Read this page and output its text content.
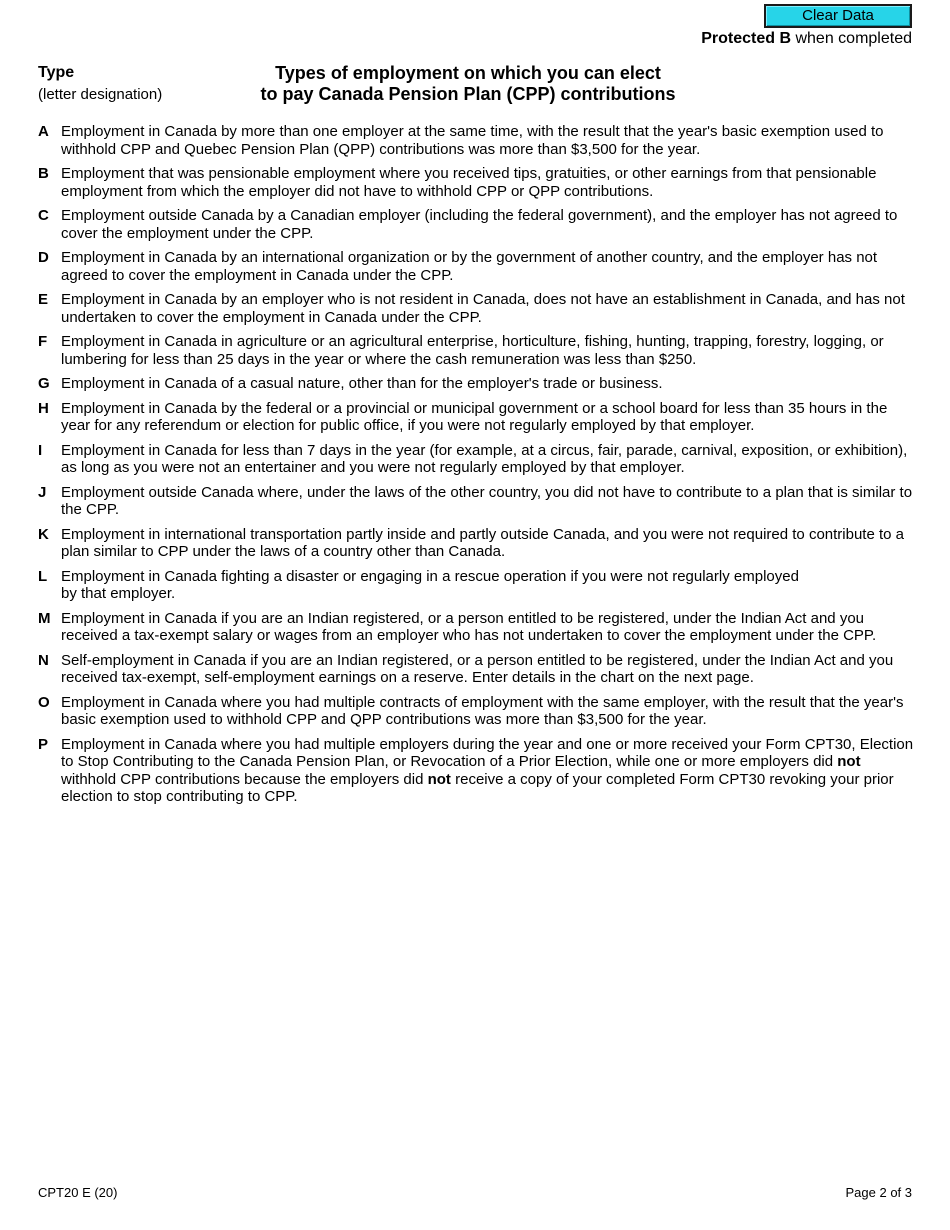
Clear Data
Protected B when completed
Type
(letter designation)
Types of employment on which you can elect
to pay Canada Pension Plan (CPP) contributions
A Employment in Canada by more than one employer at the same time, with the result that the year's basic exemption used to withhold CPP and Quebec Pension Plan (QPP) contributions was more than $3,500 for the year.
B Employment that was pensionable employment where you received tips, gratuities, or other earnings from that pensionable employment from which the employer did not have to withhold CPP or QPP contributions.
C Employment outside Canada by a Canadian employer (including the federal government), and the employer has not agreed to cover the employment under the CPP.
D Employment in Canada by an international organization or by the government of another country, and the employer has not agreed to cover the employment in Canada under the CPP.
E Employment in Canada by an employer who is not resident in Canada, does not have an establishment in Canada, and has not undertaken to cover the employment in Canada under the CPP.
F Employment in Canada in agriculture or an agricultural enterprise, horticulture, fishing, hunting, trapping, forestry, logging, or lumbering for less than 25 days in the year or where the cash remuneration was less than $250.
G Employment in Canada of a casual nature, other than for the employer's trade or business.
H Employment in Canada by the federal or a provincial or municipal government or a school board for less than 35 hours in the year for any referendum or election for public office, if you were not regularly employed by that employer.
I	Employment in Canada for less than 7 days in the year (for example, at a circus, fair, parade, carnival, exposition, or exhibition), as long as you were not an entertainer and you were not regularly employed by that employer.
J Employment outside Canada where, under the laws of the other country, you did not have to contribute to a plan that is similar to the CPP.
K Employment in international transportation partly inside and partly outside Canada, and you were not required to contribute to a plan similar to CPP under the laws of a country other than Canada.
L Employment in Canada fighting a disaster or engaging in a rescue operation if you were not regularly employed
by that employer.
M Employment in Canada if you are an Indian registered, or a person entitled to be registered, under the Indian Act and you received a tax-exempt salary or wages from an employer who has not undertaken to cover the employment under the CPP.
N Self-employment in Canada if you are an Indian registered, or a person entitled to be registered, under the Indian Act and you received tax-exempt, self-employment earnings on a reserve. Enter details in the chart on the next page.
O Employment in Canada where you had multiple contracts of employment with the same employer, with the result that the year's basic exemption used to withhold CPP and QPP contributions was more than $3,500 for the year.
P Employment in Canada where you had multiple employers during the year and one or more received your Form CPT30, Election to Stop Contributing to the Canada Pension Plan, or Revocation of a Prior Election, while one or more employers did not withhold CPP contributions because the employers did not receive a copy of your completed Form CPT30 revoking your prior election to stop contributing to CPP.
CPT20 E (20)	Page 2 of 3
